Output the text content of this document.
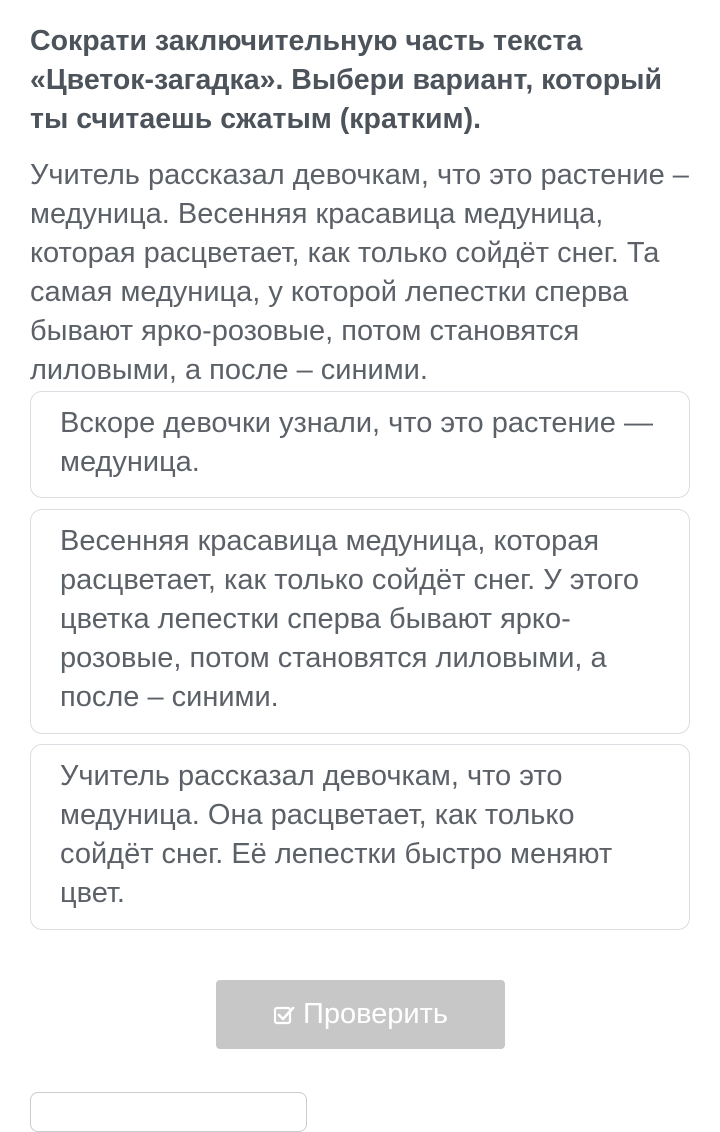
Сократи заключительную часть текста «Цветок-загадка». Выбери вариант, который ты считаешь сжатым (кратким).

Учитель рассказал девочкам, что это растение – медуница. Весенняя красавица медуница, которая расцветает, как только сойдёт снег. Та самая медуница, у которой лепестки сперва бывают ярко-розовые, потом становятся лиловыми, а после – синими.

Вскоре девочки узнали, что это растение — медуница.
Весенняя красавица медуница, которая расцветает, как только сойдёт снег. У этого цветка лепестки сперва бывают ярко-розовые, потом становятся лиловыми, а после – синими.
Учитель рассказал девочкам, что это медуница. Она расцветает, как только сойдёт снег. Её лепестки быстро меняют цвет.
Проверить
